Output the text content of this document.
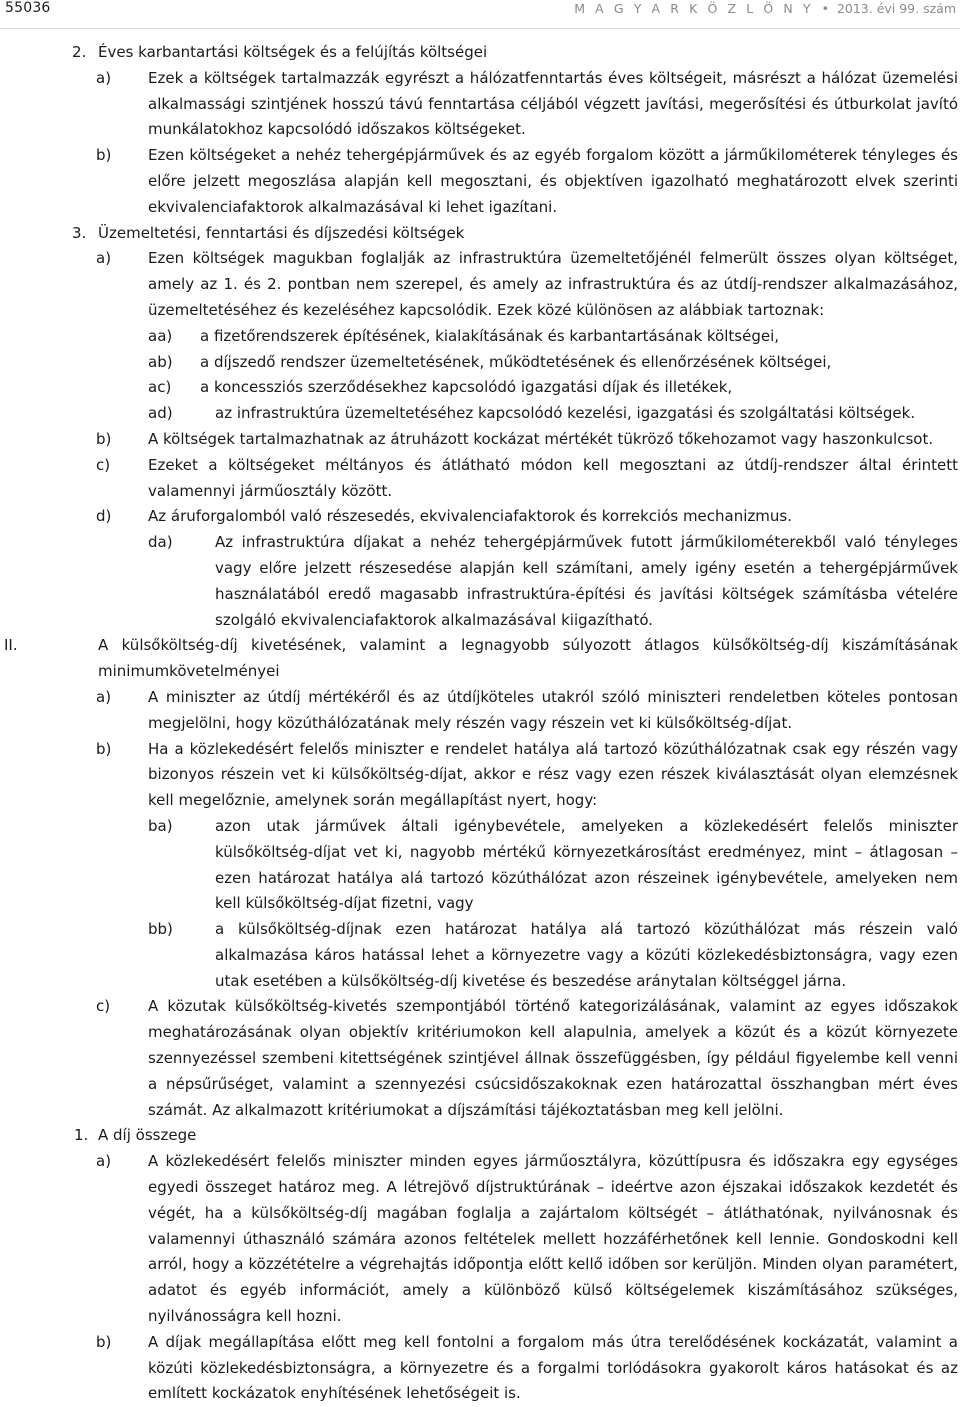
55036	M A G Y A R K Ö Z L Ö N Y • 2013. évi 99. szám
2. Éves karbantartási költségek és a felújítás költségei
a) Ezek a költségek tartalmazzák egyrészt a hálózatfenntartás éves költségeit, másrészt a hálózat üzemelési alkalmassági szintjének hosszú távú fenntartása céljából végzett javítási, megerősítési és útburkolat javító munkálatokhoz kapcsolódó időszakos költségeket.
b) Ezen költségeket a nehéz tehergépjárművek és az egyéb forgalom között a járműkilométerek tényleges és előre jelzett megoszlása alapján kell megosztani, és objektíven igazolható meghatározott elvek szerinti ekvivalenciafaktorok alkalmazásával ki lehet igazítani.
3. Üzemeltetési, fenntartási és díjszedési költségek
a) Ezen költségek magukban foglalják az infrastruktúra üzemeltetőjénél felmerült összes olyan költséget, amely az 1. és 2. pontban nem szerepel, és amely az infrastruktúra és az útdíj-rendszer alkalmazásához, üzemeltetéséhez és kezeléséhez kapcsolódik. Ezek közé különösen az alábbiak tartoznak:
aa) a fizetőrendszerek építésének, kialakításának és karbantartásának költségei,
ab) a díjszedő rendszer üzemeltetésének, működtetésének és ellenőrzésének költségei,
ac) a koncessziós szerződésekhez kapcsolódó igazgatási díjak és illetékek,
ad)	az infrastruktúra üzemeltetéséhez kapcsolódó kezelési, igazgatási és szolgáltatási költségek.
b) A költségek tartalmazhatnak az átruházott kockázat mértékét tükröző tőkehozamot vagy haszonkulcsot.
c)	Ezeket a költségeket méltányos és átlátható módon kell megosztani az útdíj-rendszer által érintett valamennyi járműosztály között.
d) Az áruforgalomból való részesedés, ekvivalenciafaktorok és korrekciós mechanizmus.
da)	Az infrastruktúra díjakat a nehéz tehergépjárművek futott járműkilométerekből való tényleges vagy előre jelzett részesedése alapján kell számítani, amely igény esetén a tehergépjárművek használatából eredő magasabb infrastruktúra-építési és javítási költségek számításba vételére szolgáló ekvivalenciafaktorok alkalmazásával kiigazítható.
II.	A külsőköltség-díj kivetésének, valamint a legnagyobb súlyozott átlagos külsőköltség-díj kiszámításának minimumkövetelményei
a) A miniszter az útdíj mértékéről és az útdíjköteles utakról szóló miniszteri rendeletben köteles pontosan megjelölni, hogy közúthálózatának mely részén vagy részein vet ki külsőköltség-díjat.
b) Ha a közlekedésért felelős miniszter e rendelet hatálya alá tartozó közúthálózatnak csak egy részén vagy bizonyos részein vet ki külsőköltség-díjat, akkor e rész vagy ezen részek kiválasztását olyan elemzésnek kell megelőznie, amelynek során megállapítást nyert, hogy:
ba)	azon utak járművek általi igénybevétele, amelyeken a közlekedésért felelős miniszter külsőköltség-díjat vet ki, nagyobb mértékű környezetkárosítást eredményez, mint – átlagosan – ezen határozat hatálya alá tartozó közúthálózat azon részeinek igénybevétele, amelyeken nem kell külsőköltség-díjat fizetni, vagy
bb)	a külsőköltség-díjnak ezen határozat hatálya alá tartozó közúthálózat más részein való alkalmazása káros hatással lehet a környezetre vagy a közúti közlekedésbiztonságra, vagy ezen utak esetében a külsőköltség-díj kivetése és beszedése aránytalan költséggel járna.
c)	A közutak külsőköltség-kivetés szempontjából történő kategorizálásának, valamint az egyes időszakok meghatározásának olyan objektív kritériumokon kell alapulnia, amelyek a közút és a közút környezete szennyezéssel szembeni kitettségének szintjével állnak összefüggésben, így például figyelembe kell venni a népsűrűséget, valamint a szennyezési csúcsidőszakoknak ezen határozattal összhangban mért éves számát. Az alkalmazott kritériumokat a díjszámítási tájékoztatásban meg kell jelölni.
1. A díj összege
a) A közlekedésért felelős miniszter minden egyes járműosztályra, közúttípusra és időszakra egy egységes egyedi összeget határoz meg. A létrejövő díjstruktúrának – ideértve azon éjszakai időszakok kezdetét és végét, ha a külsőköltség-díj magában foglalja a zajártalom költségét – átláthatónak, nyilvánosnak és valamennyi úthasználó számára azonos feltételek mellett hozzáférhetőnek kell lennie. Gondoskodni kell arról, hogy a közzétételre a végrehajtás időpontja előtt kellő időben sor kerüljön. Minden olyan paramétert, adatot és egyéb információt, amely a különböző külső költségelemek kiszámításához szükséges, nyilvánosságra kell hozni.
b) A díjak megállapítása előtt meg kell fontolni a forgalom más útra terelődésének kockázatát, valamint a közúti közlekedésbiztonságra, a környezetre és a forgalmi torlódásokra gyakorolt káros hatásokat és az említett kockázatok enyhítésének lehetőségeit is.
